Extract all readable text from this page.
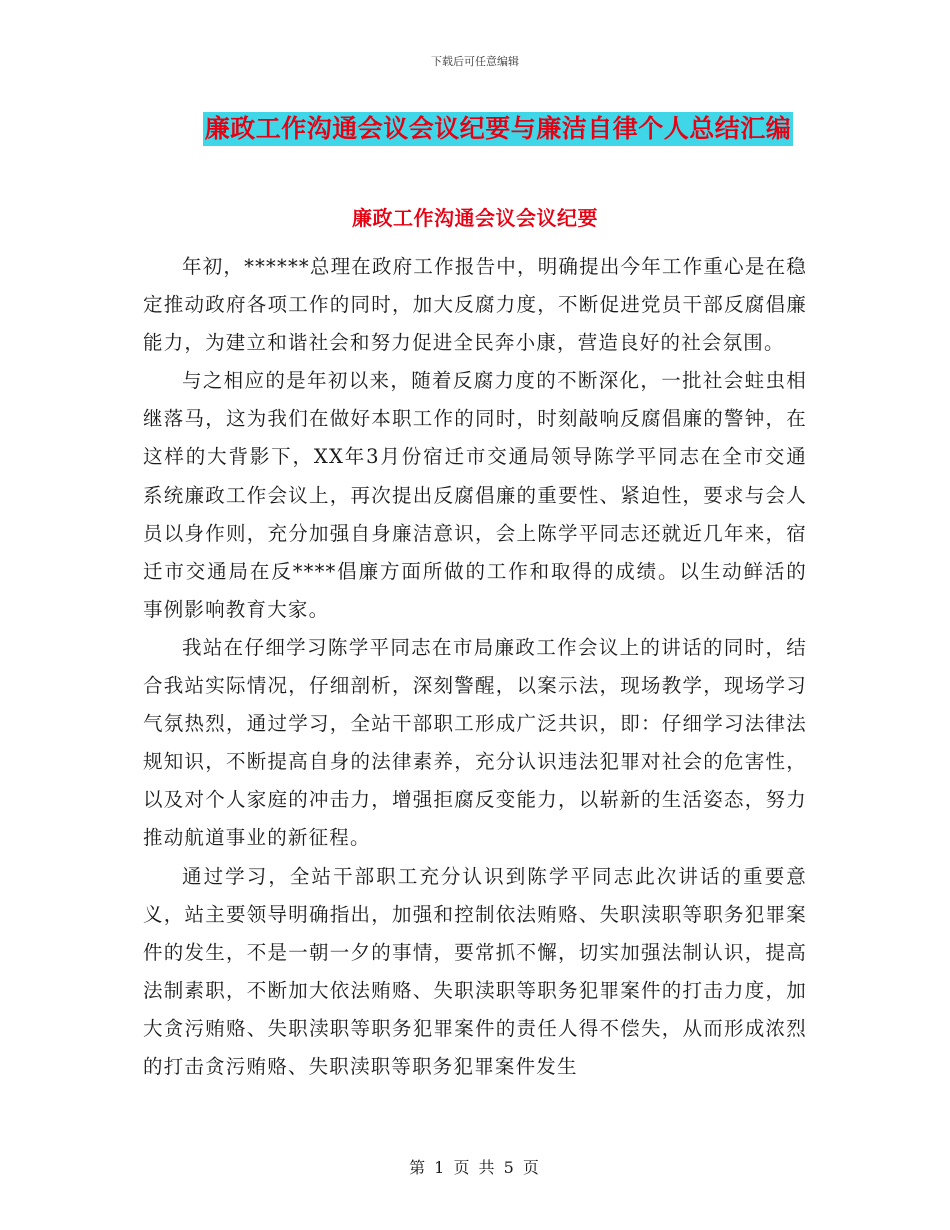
下载后可任意编辑
廉政工作沟通会议会议纪要与廉洁自律个人总结汇编
廉政工作沟通会议会议纪要

年初，******总理在政府工作报告中，明确提出今年工作重心是在稳定推动政府各项工作的同时，加大反腐力度，不断促进党员干部反腐倡廉能力，为建立和谐社会和努力促进全民奔小康，营造良好的社会氛围。

与之相应的是年初以来，随着反腐力度的不断深化，一批社会蛀虫相继落马，这为我们在做好本职工作的同时，时刻敲响反腐倡廉的警钟，在这样的大背影下，XX年3月份宿迁市交通局领导陈学平同志在全市交通系统廉政工作会议上，再次提出反腐倡廉的重要性、紧迫性，要求与会人员以身作则，充分加强自身廉洁意识，会上陈学平同志还就近几年来，宿迁市交通局在反****倡廉方面所做的工作和取得的成绩。以生动鲜活的事例影响教育大家。

我站在仔细学习陈学平同志在市局廉政工作会议上的讲话的同时，结合我站实际情况，仔细剖析，深刻警醒，以案示法，现场教学，现场学习气氛热烈，通过学习，全站干部职工形成广泛共识，即：仔细学习法律法规知识，不断提高自身的法律素养，充分认识违法犯罪对社会的危害性，以及对个人家庭的冲击力，增强拒腐反变能力，以崭新的生活姿态，努力推动航道事业的新征程。

通过学习，全站干部职工充分认识到陈学平同志此次讲话的重要意义，站主要领导明确指出，加强和控制依法贿赂、失职渎职等职务犯罪案件的发生，不是一朝一夕的事情，要常抓不懈，切实加强法制认识，提高法制素职，不断加大依法贿赂、失职渎职等职务犯罪案件的打击力度，加大贪污贿赂、失职渎职等职务犯罪案件的责任人得不偿失，从而形成浓烈的打击贪污贿赂、失职渎职等职务犯罪案件发生

第 1 页 共 5 页
